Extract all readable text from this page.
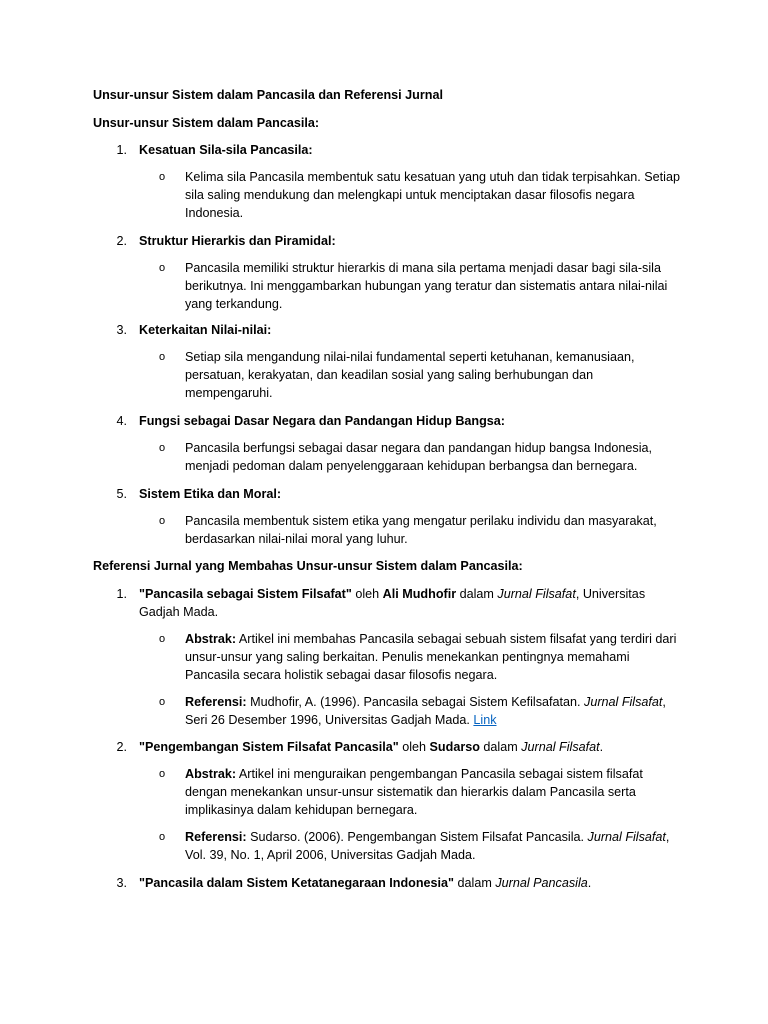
Unsur-unsur Sistem dalam Pancasila dan Referensi Jurnal

Unsur-unsur Sistem dalam Pancasila:

1. Kesatuan Sila-sila Pancasila:
o	Kelima sila Pancasila membentuk satu kesatuan yang utuh dan tidak terpisahkan. Setiap sila saling mendukung dan melengkapi untuk menciptakan dasar filosofis negara Indonesia.
2. Struktur Hierarkis dan Piramidal:
o	Pancasila memiliki struktur hierarkis di mana sila pertama menjadi dasar bagi sila-sila berikutnya. Ini menggambarkan hubungan yang teratur dan sistematis antara nilai-nilai yang terkandung.
3. Keterkaitan Nilai-nilai:
o	Setiap sila mengandung nilai-nilai fundamental seperti ketuhanan, kemanusiaan, persatuan, kerakyatan, dan keadilan sosial yang saling berhubungan dan mempengaruhi.
4. Fungsi sebagai Dasar Negara dan Pandangan Hidup Bangsa:
o	Pancasila berfungsi sebagai dasar negara dan pandangan hidup bangsa Indonesia, menjadi pedoman dalam penyelenggaraan kehidupan berbangsa dan bernegara.
5. Sistem Etika dan Moral:
o	Pancasila membentuk sistem etika yang mengatur perilaku individu dan masyarakat, berdasarkan nilai-nilai moral yang luhur.

Referensi Jurnal yang Membahas Unsur-unsur Sistem dalam Pancasila:

1. "Pancasila sebagai Sistem Filsafat" oleh Ali Mudhofir dalam Jurnal Filsafat, Universitas Gadjah Mada.
o	Abstrak: Artikel ini membahas Pancasila sebagai sebuah sistem filsafat yang terdiri dari unsur-unsur yang saling berkaitan. Penulis menekankan pentingnya memahami Pancasila secara holistik sebagai dasar filosofis negara.
o	Referensi: Mudhofir, A. (1996). Pancasila sebagai Sistem Kefilsafatan. Jurnal Filsafat, Seri 26 Desember 1996, Universitas Gadjah Mada. Link
2. "Pengembangan Sistem Filsafat Pancasila" oleh Sudarso dalam Jurnal Filsafat.
o	Abstrak: Artikel ini menguraikan pengembangan Pancasila sebagai sistem filsafat dengan menekankan unsur-unsur sistematik dan hierarkis dalam Pancasila serta implikasinya dalam kehidupan bernegara.
o	Referensi: Sudarso. (2006). Pengembangan Sistem Filsafat Pancasila. Jurnal Filsafat, Vol. 39, No. 1, April 2006, Universitas Gadjah Mada.
3. "Pancasila dalam Sistem Ketatanegaraan Indonesia" dalam Jurnal Pancasila.
